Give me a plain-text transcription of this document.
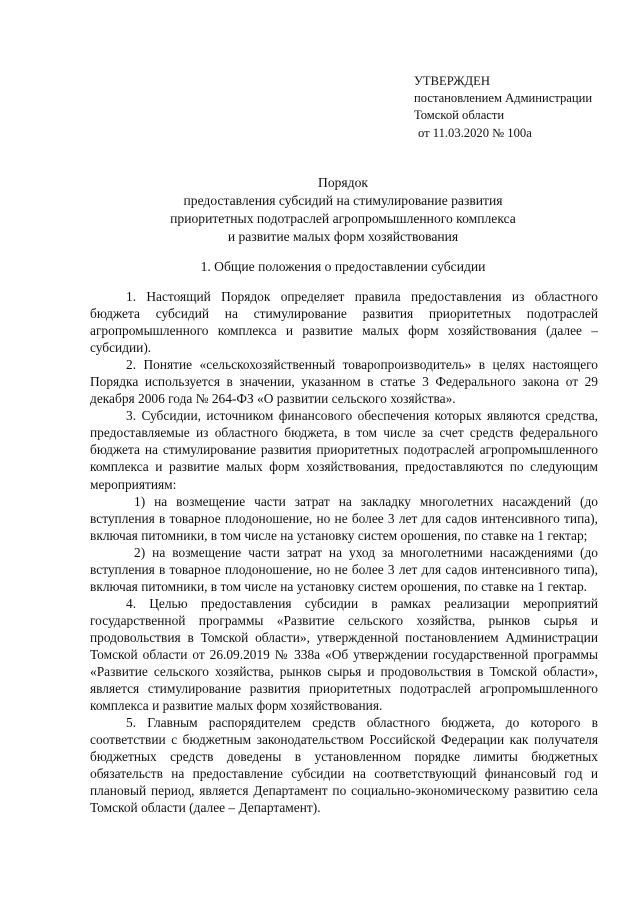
УТВЕРЖДЕН
постановлением Администрации
Томской области
от 11.03.2020 № 100а
Порядок
предоставления субсидий на стимулирование развития
приоритетных подотраслей агропромышленного комплекса
и развитие малых форм хозяйствования
1. Общие положения о предоставлении субсидии

1. Настоящий Порядок определяет правила предоставления из областного бюджета субсидий на стимулирование развития приоритетных подотраслей агропромышленного комплекса и развитие малых форм хозяйствования (далее – субсидии).

2. Понятие «сельскохозяйственный товаропроизводитель» в целях настоящего Порядка используется в значении, указанном в статье 3 Федерального закона от 29 декабря 2006 года № 264-ФЗ «О развитии сельского хозяйства».

3. Субсидии, источником финансового обеспечения которых являются средства, предоставляемые из областного бюджета, в том числе за счет средств федерального бюджета на стимулирование развития приоритетных подотраслей агропромышленного комплекса и развитие малых форм хозяйствования, предоставляются по следующим мероприятиям:

1) на возмещение части затрат на закладку многолетних насаждений (до вступления в товарное плодоношение, но не более 3 лет для садов интенсивного типа), включая питомники, в том числе на установку систем орошения, по ставке на 1 гектар;

2) на возмещение части затрат на уход за многолетними насаждениями (до вступления в товарное плодоношение, но не более 3 лет для садов интенсивного типа), включая питомники, в том числе на установку систем орошения, по ставке на 1 гектар.

4. Целью предоставления субсидии в рамках реализации мероприятий государственной программы «Развитие сельского хозяйства, рынков сырья и продовольствия в Томской области», утвержденной постановлением Администрации Томской области от 26.09.2019 № 338а «Об утверждении государственной программы «Развитие сельского хозяйства, рынков сырья и продовольствия в Томской области», является стимулирование развития приоритетных подотраслей агропромышленного комплекса и развитие малых форм хозяйствования.

5. Главным распорядителем средств областного бюджета, до которого в соответствии с бюджетным законодательством Российской Федерации как получателя бюджетных средств доведены в установленном порядке лимиты бюджетных обязательств на предоставление субсидии на соответствующий финансовый год и плановый период, является Департамент по социально-экономическому развитию села Томской области (далее – Департамент).
